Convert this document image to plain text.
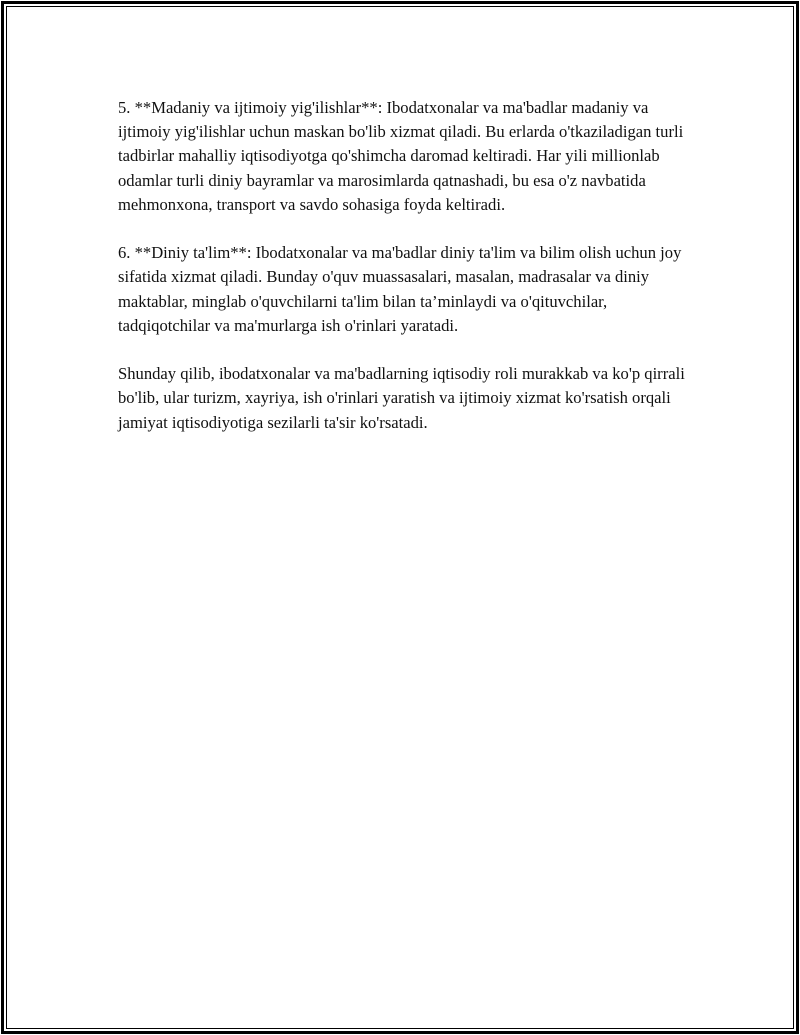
5. **Madaniy va ijtimoiy yig'ilishlar**: Ibodatxonalar va ma'badlar madaniy va ijtimoiy yig'ilishlar uchun maskan bo'lib xizmat qiladi. Bu erlarda o'tkaziladigan turli tadbirlar mahalliy iqtisodiyotga qo'shimcha daromad keltiradi. Har yili millionlab odamlar turli diniy bayramlar va marosimlarda qatnashadi, bu esa o'z navbatida mehmonxona, transport va savdo sohasiga foyda keltiradi.

6. **Diniy ta'lim**: Ibodatxonalar va ma'badlar diniy ta'lim va bilim olish uchun joy sifatida xizmat qiladi. Bunday o'quv muassasalari, masalan, madrasalar va diniy maktablar, minglab o'quvchilarni ta'lim bilan ta’minlaydi va o'qituvchilar, tadqiqotchilar va ma'murlarga ish o'rinlari yaratadi.

Shunday qilib, ibodatxonalar va ma'badlarning iqtisodiy roli murakkab va ko'p qirrali bo'lib, ular turizm, xayriya, ish o'rinlari yaratish va ijtimoiy xizmat ko'rsatish orqali jamiyat iqtisodiyotiga sezilarli ta'sir ko'rsatadi.
